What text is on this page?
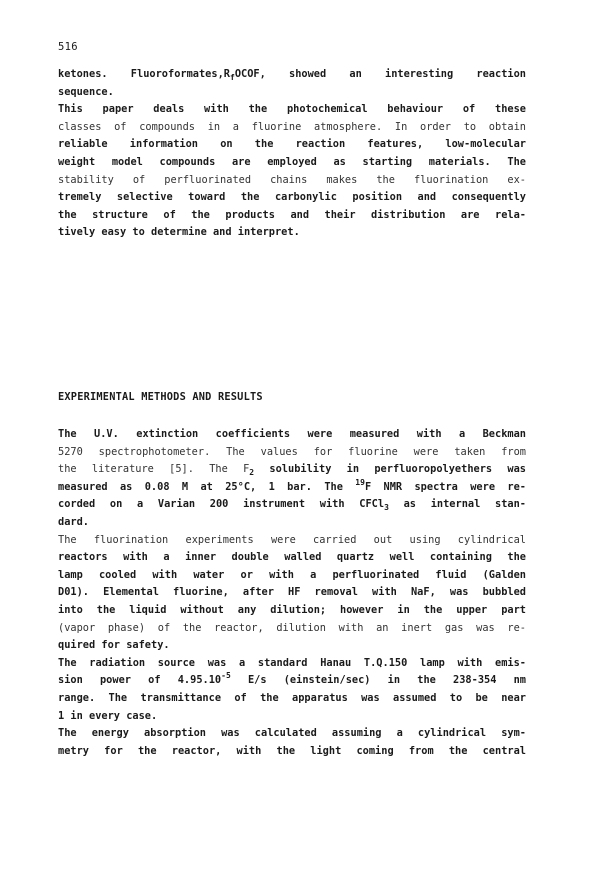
516
ketones. $Fluoroformates,R_fOCOF$, showed an interesting reaction
sequence.
This paper deals with the photochemical behaviour of these
classes of compounds in a fluorine atmosphere. In order to obtain
reliable information on the reaction features, low-molecular
weight model compounds are employed as starting materials. The
stability of perfluorinated chains makes the fluorination ex-
tremely selective toward the carbonylic position and consequently
the structure of the products and their distribution are rela-
tively easy to determine and interpret.
EXPERIMENTAL METHODS AND RESULTS
The U.V. extinction coefficients were measured with a Beckman
5270 spectrophotometer. The values for fluorine were taken from
the literature [5]. The $F_2$ solubility in perfluoropolyethers was
measured as 0.08 M at 25°C, 1 bar. The $^{19}$F NMR spectra were re-
corded on a Varian 200 instrument with CFCl$_3$ as internal stan-
dard.
The fluorination experiments were carried out using cylindrical
reactors with a inner double walled quartz well containing the
lamp cooled with water or with a perfluorinated fluid (Galden
D01). Elemental fluorine, after HF removal with NaF, was bubbled
into the liquid without any dilution; however in the upper part
(vapor phase) of the reactor, dilution with an inert gas was re-
quired for safety.
The radiation source was a standard Hanau T.Q.150 lamp with emis-
sion power of $4.95.10^{-5}$ E/s (einstein/sec) in the 238-354 nm
range. The transmittance of the apparatus was assumed to be near
1 in every case.
The energy absorption was calculated assuming a cylindrical sym-
metry for the reactor, with the light coming from the central
